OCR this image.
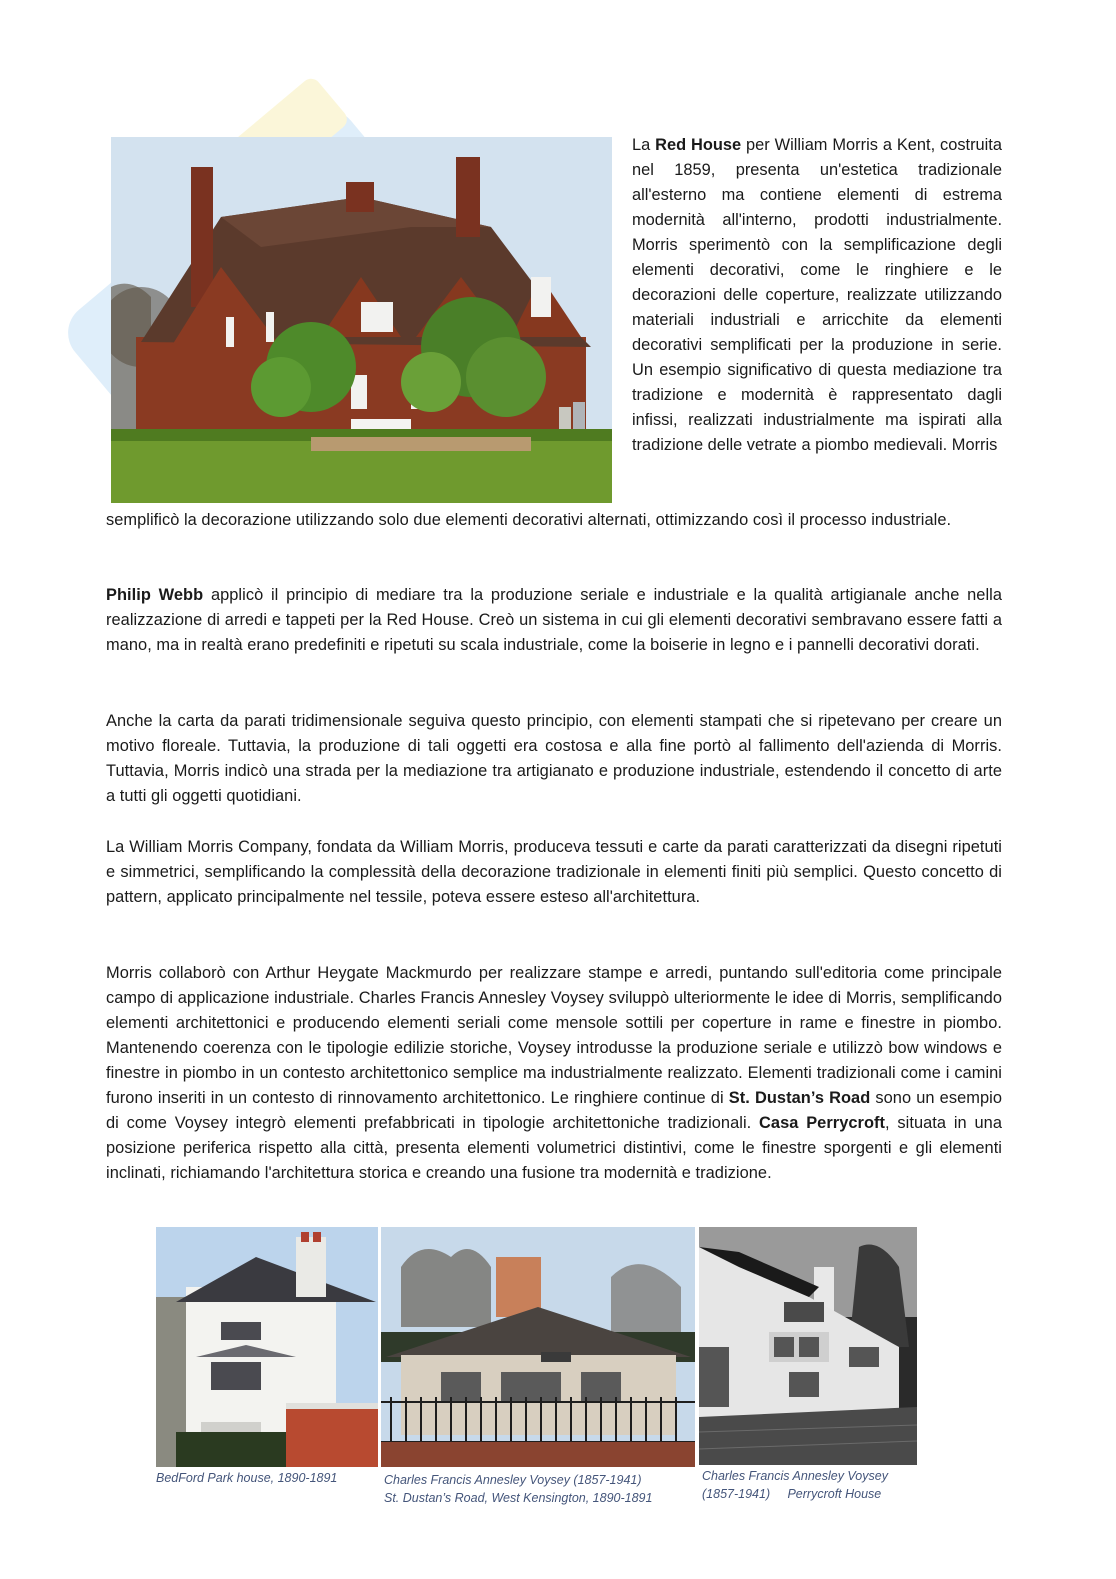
La Red House per William Morris a Kent, costruita nel 1859, presenta un'estetica tradizionale all'esterno ma contiene elementi di estrema modernità all'interno, prodotti industrialmente. Morris sperimentò con la semplificazione degli elementi decorativi, come le ringhiere e le decorazioni delle coperture, realizzate utilizzando materiali industriali e arricchite da elementi decorativi semplificati per la produzione in serie. Un esempio significativo di questa mediazione tra tradizione e modernità è rappresentato dagli infissi, realizzati industrialmente ma ispirati alla tradizione delle vetrate a piombo medievali. Morris

semplificò la decorazione utilizzando solo due elementi decorativi alternati, ottimizzando così il processo industriale.

Philip Webb applicò il principio di mediare tra la produzione seriale e industriale e la qualità artigianale anche nella realizzazione di arredi e tappeti per la Red House. Creò un sistema in cui gli elementi decorativi sembravano essere fatti a mano, ma in realtà erano predefiniti e ripetuti su scala industriale, come la boiserie in legno e i pannelli decorativi dorati.

Anche la carta da parati tridimensionale seguiva questo principio, con elementi stampati che si ripetevano per creare un motivo floreale. Tuttavia, la produzione di tali oggetti era costosa e alla fine portò al fallimento dell'azienda di Morris. Tuttavia, Morris indicò una strada per la mediazione tra artigianato e produzione industriale, estendendo il concetto di arte a tutti gli oggetti quotidiani.

La William Morris Company, fondata da William Morris, produceva tessuti e carte da parati caratterizzati da disegni ripetuti e simmetrici, semplificando la complessità della decorazione tradizionale in elementi finiti più semplici. Questo concetto di pattern, applicato principalmente nel tessile, poteva essere esteso all'architettura.

Morris collaborò con Arthur Heygate Mackmurdo per realizzare stampe e arredi, puntando sull'editoria come principale campo di applicazione industriale. Charles Francis Annesley Voysey sviluppò ulteriormente le idee di Morris, semplificando elementi architettonici e producendo elementi seriali come mensole sottili per coperture in rame e finestre in piombo. Mantenendo coerenza con le tipologie edilizie storiche, Voysey introdusse la produzione seriale e utilizzò bow windows e finestre in piombo in un contesto architettonico semplice ma industrialmente realizzato. Elementi tradizionali come i camini furono inseriti in un contesto di rinnovamento architettonico. Le ringhiere continue di St. Dustan’s Road sono un esempio di come Voysey integrò elementi prefabbricati in tipologie architettoniche tradizionali. Casa Perrycroft, situata in una posizione periferica rispetto alla città, presenta elementi volumetrici distintivi, come le finestre sporgenti e gli elementi inclinati, richiamando l'architettura storica e creando una fusione tra modernità e tradizione.

BedFord Park house, 1890-1891	Charles Francis Annesley Voysey (1857-1941)
St. Dustan’s Road, West Kensington, 1890-1891
Charles Francis Annesley Voysey
(1857-1941)     Perrycroft House
